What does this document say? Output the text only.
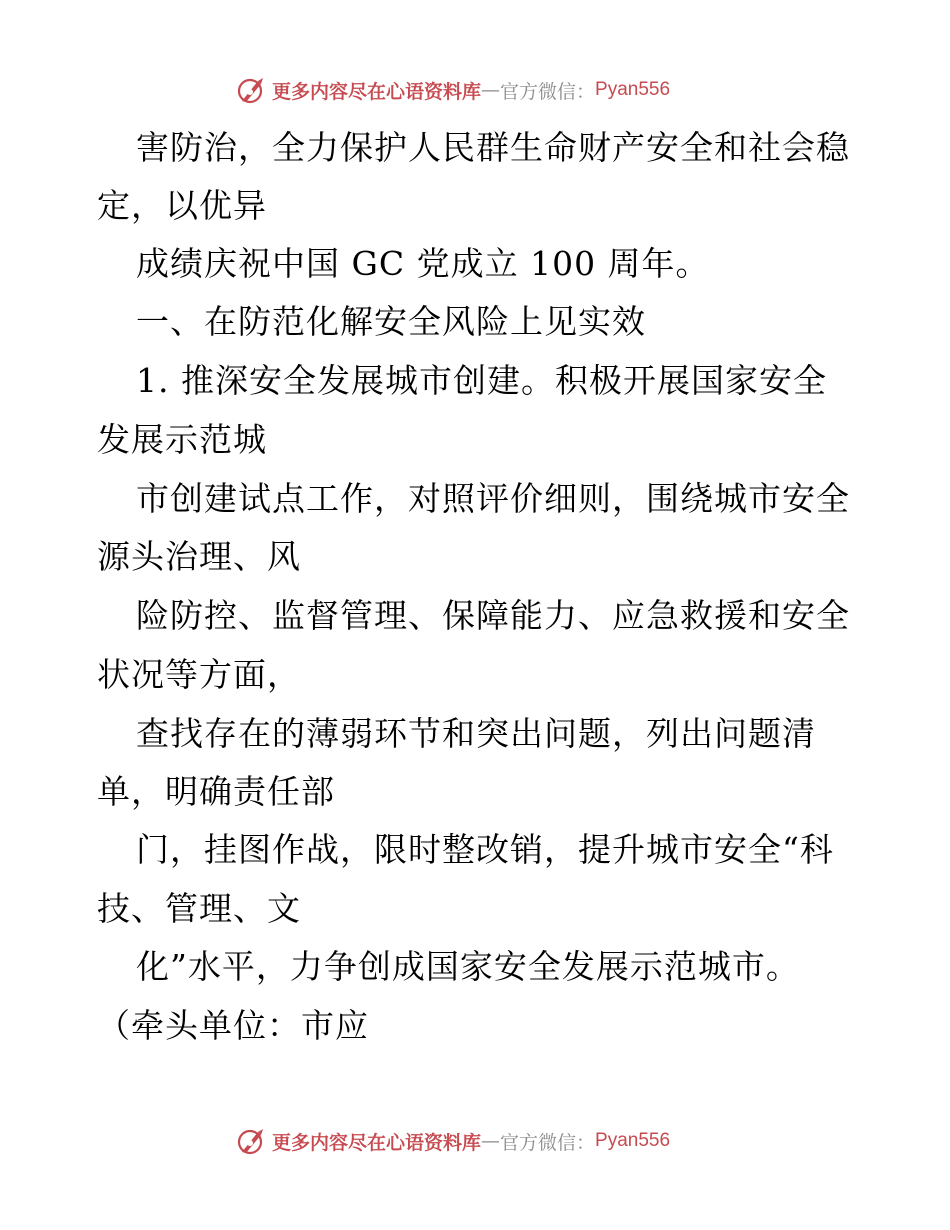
更多内容尽在心语资料库 — 官方微信： Pyan556
害防治，全力保护人民群生命财产安全和社会稳
定，以优异
成绩庆祝中国 GC 党成立 100 周年。
一、在防范化解安全风险上见实效
1. 推深安全发展城市创建。积极开展国家安全
发展示范城
市创建试点工作，对照评价细则，围绕城市安全
源头治理、风
险防控、监督管理、保障能力、应急救援和安全
状况等方面，
查找存在的薄弱环节和突出问题，列出问题清
单，明确责任部
门，挂图作战，限时整改销，提升城市安全“科
技、管理、文
化”水平，力争创成国家安全发展示范城市。
（牵头单位：市应
更多内容尽在心语资料库 — 官方微信： Pyan556
